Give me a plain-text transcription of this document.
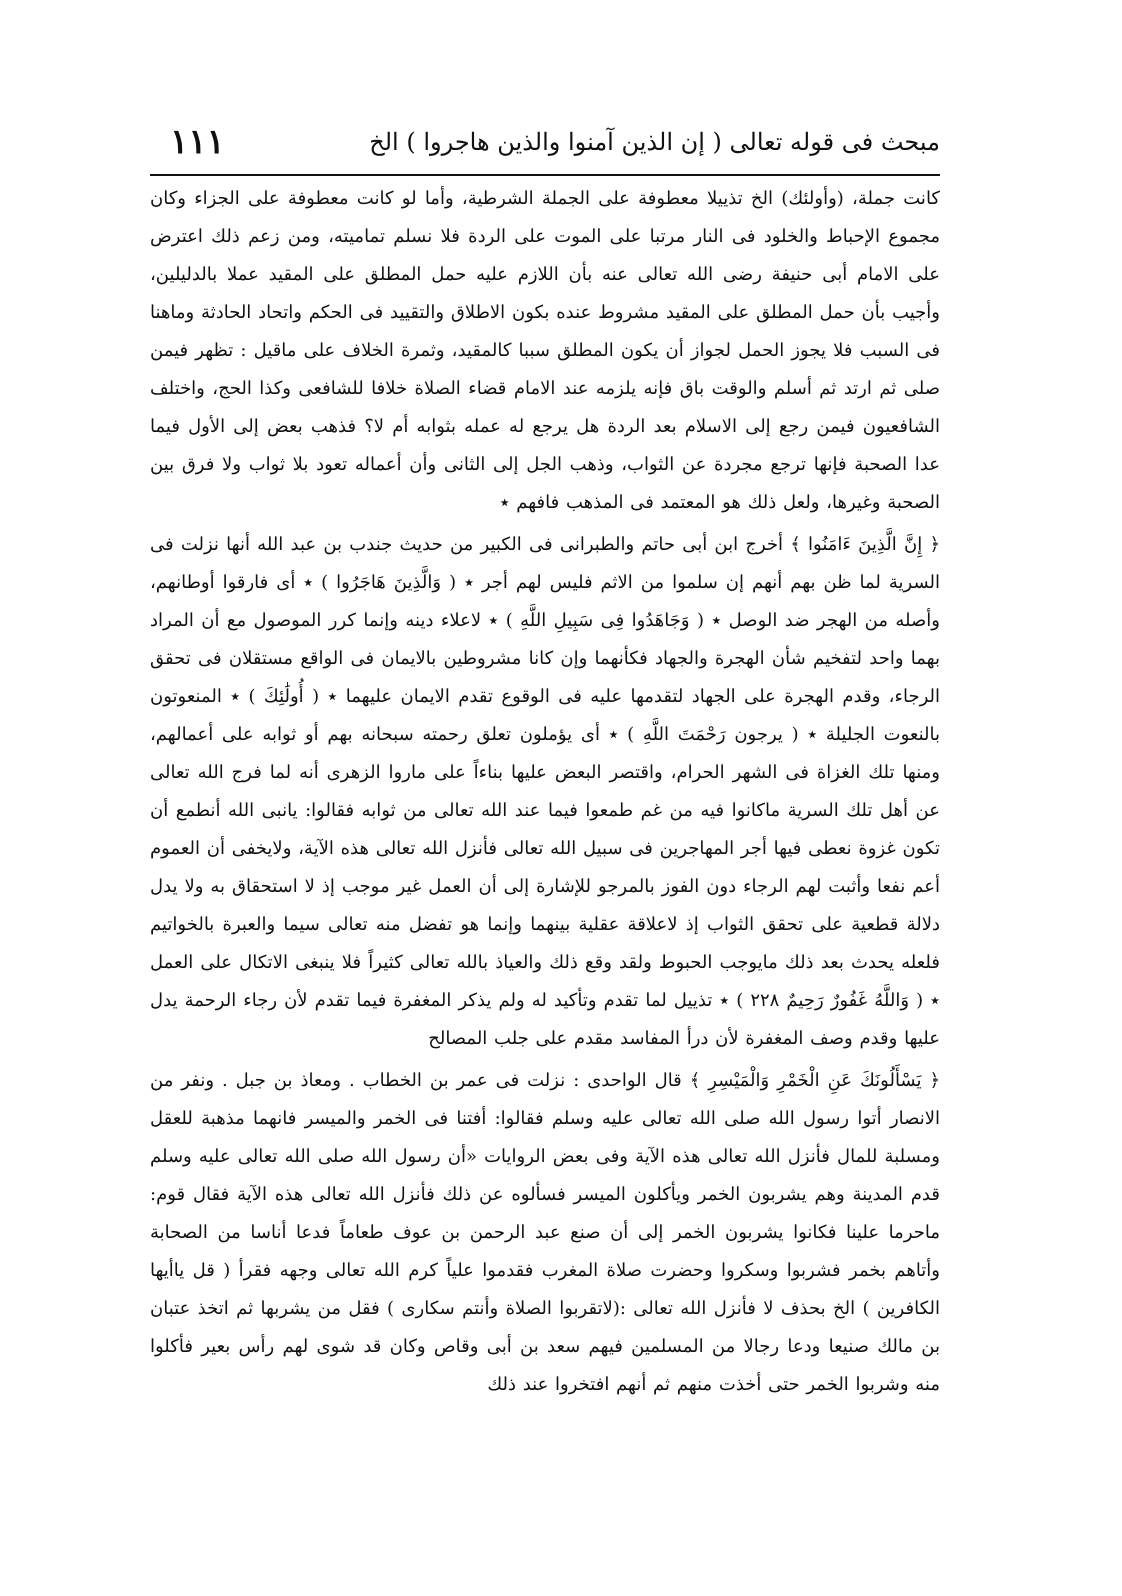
مبحث فى قوله تعالى ( إن الذين آمنوا والذين هاجروا ) الخ
١١١

كانت جملة، (وأولئك) الخ تذييلا معطوفة على الجملة الشرطية، وأما لو كانت معطوفة على الجزاء وكان مجموع الإحباط والخلود فى النار مرتبا على الموت على الردة فلا نسلم تماميته، ومن زعم ذلك اعترض على الامام أبى حنيفة رضى الله تعالى عنه بأن اللازم عليه حمل المطلق على المقيد عملا بالدليلين، وأجيب بأن حمل المطلق على المقيد مشروط عنده بكون الاطلاق والتقييد فى الحكم واتحاد الحادثة وماهنا فى السبب فلا يجوز الحمل لجواز أن يكون المطلق سببا كالمقيد، وثمرة الخلاف على ماقيل : تظهر فيمن صلى ثم ارتد ثم أسلم والوقت باق فإنه يلزمه عند الامام قضاء الصلاة خلافا للشافعى وكذا الحج، واختلف الشافعيون فيمن رجع إلى الاسلام بعد الردة هل يرجع له عمله بثوابه أم لا؟ فذهب بعض إلى الأول فيما عدا الصحبة فإنها ترجع مجردة عن الثواب، وذهب الجل إلى الثانى وأن أعماله تعود بلا ثواب ولا فرق بين الصحبة وغيرها، ولعل ذلك هو المعتمد فى المذهب فافهم ٭

﴿ إِنَّ الَّذِينَ ءَامَنُوا ﴾ أخرج ابن أبى حاتم والطبرانى فى الكبير من حديث جندب بن عبد الله أنها نزلت فى السرية لما ظن بهم أنهم إن سلموا من الاثم فليس لهم أجر ٭ ( وَالَّذِينَ هَاجَرُوا ) ٭ أى فارقوا أوطانهم، وأصله من الهجر ضد الوصل ٭ ( وَجَاهَدُوا فِى سَبِيلِ اللَّهِ ) ٭ لاعلاء دينه وإنما كرر الموصول مع أن المراد بهما واحد لتفخيم شأن الهجرة والجهاد فكأنهما وإن كانا مشروطين بالايمان فى الواقع مستقلان فى تحقق الرجاء، وقدم الهجرة على الجهاد لتقدمها عليه فى الوقوع تقدم الايمان عليهما ٭ ( أُولَٰئِكَ ) ٭ المنعوتون بالنعوت الجليلة ٭ ( يرجون رَحْمَتَ اللَّهِ ) ٭ أى يؤملون تعلق رحمته سبحانه بهم أو ثوابه على أعمالهم، ومنها تلك الغزاة فى الشهر الحرام، واقتصر البعض عليها بناءاً على ماروا الزهرى أنه لما فرج الله تعالى عن أهل تلك السرية ماكانوا فيه من غم طمعوا فيما عند الله تعالى من ثوابه فقالوا: يانبى الله أنطمع أن تكون غزوة نعطى فيها أجر المهاجرين فى سبيل الله تعالى فأنزل الله تعالى هذه الآية، ولايخفى أن العموم أعم نفعا وأثبت لهم الرجاء دون الفوز بالمرجو للإشارة إلى أن العمل غير موجب إذ لا استحقاق به ولا يدل دلالة قطعية على تحقق الثواب إذ لاعلاقة عقلية بينهما وإنما هو تفضل منه تعالى سيما والعبرة بالخواتيم فلعله يحدث بعد ذلك مايوجب الحبوط ولقد وقع ذلك والعياذ بالله تعالى كثيراً فلا ينبغى الاتكال على العمل ٭ ( وَاللَّهُ غَفُورٌ رَحِيمٌ ٢٢٨ ) ٭ تذييل لما تقدم وتأكيد له ولم يذكر المغفرة فيما تقدم لأن رجاء الرحمة يدل عليها وقدم وصف المغفرة لأن درأ المفاسد مقدم على جلب المصالح

﴿ يَسْأَلُونَكَ عَنِ الْخَمْرِ وَالْمَيْسِرِ ﴾ قال الواحدى : نزلت فى عمر بن الخطاب . ومعاذ بن جبل . ونفر من الانصار أتوا رسول الله صلى الله تعالى عليه وسلم فقالوا: أفتنا فى الخمر والميسر فانهما مذهبة للعقل ومسلبة للمال فأنزل الله تعالى هذه الآية وفى بعض الروايات «أن رسول الله صلى الله تعالى عليه وسلم قدم المدينة وهم يشربون الخمر ويأكلون الميسر فسألوه عن ذلك فأنزل الله تعالى هذه الآية فقال قوم: ماحرما علينا فكانوا يشربون الخمر إلى أن صنع عبد الرحمن بن عوف طعاماً فدعا أناسا من الصحابة وأتاهم بخمر فشربوا وسكروا وحضرت صلاة المغرب فقدموا علياً كرم الله تعالى وجهه فقرأ ( قل ياأيها الكافرين ) الخ بحذف لا فأنزل الله تعالى :(لاتقربوا الصلاة وأنتم سكارى ) فقل من يشربها ثم اتخذ عتبان بن مالك صنيعا ودعا رجالا من المسلمين فيهم سعد بن أبى وقاص وكان قد شوى لهم رأس بعير فأكلوا منه وشربوا الخمر حتى أخذت منهم ثم أنهم افتخروا عند ذلك
